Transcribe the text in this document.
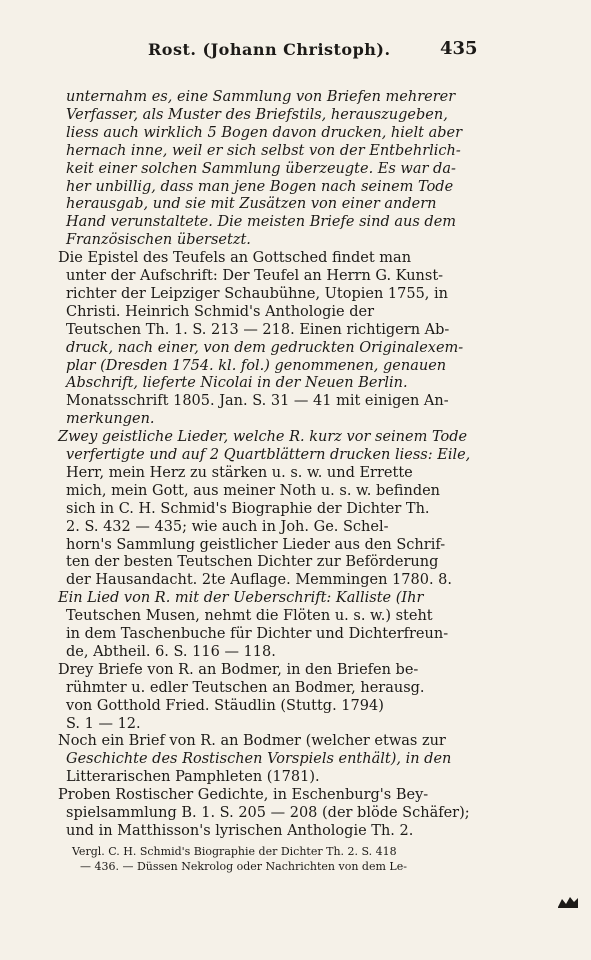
Rost. (Johann Christoph).	435
unternahm es, eine Sammlung von Briefen mehrerer
Verfasser, als Muster des Briefstils, herauszugeben,
liess auch wirklich 5 Bogen davon drucken, hielt aber
hernach inne, weil er sich selbst von der Entbehrlich-
keit einer solchen Sammlung überzeugte. Es war da-
her unbillig, dass man jene Bogen nach seinem Tode
herausgab, und sie mit Zusätzen von einer andern
Hand verunstaltete. Die meisten Briefe sind aus dem
Französischen übersetzt.
Die Epistel des Teufels an Gottsched findet man
unter der Aufschrift: Der Teufel an Herrn G. Kunst-
richter der Leipziger Schaubühne, Utopien 1755, in
Christi. Heinrich Schmid's Anthologie der
Teutschen Th. 1. S. 213 — 218. Einen richtigern Ab-
druck, nach einer, von dem gedruckten Originalexem-
plar (Dresden 1754. kl. fol.) genommenen, genauen
Abschrift, lieferte Nicolai in der Neuen Berlin.
Monatsschrift 1805. Jan. S. 31 — 41 mit einigen An-
merkungen.
Zwey geistliche Lieder, welche R. kurz vor seinem Tode
verfertigte und auf 2 Quartblättern drucken liess: Eile,
Herr, mein Herz zu stärken u. s. w. und Errette
mich, mein Gott, aus meiner Noth u. s. w. befinden
sich in C. H. Schmid's Biographie der Dichter Th.
2. S. 432 — 435; wie auch in Joh. Ge. Schel-
horn's Sammlung geistlicher Lieder aus den Schrif-
ten der besten Teutschen Dichter zur Beförderung
der Hausandacht. 2te Auflage. Memmingen 1780. 8.
Ein Lied von R. mit der Ueberschrift: Kalliste (Ihr
Teutschen Musen, nehmt die Flöten u. s. w.) steht
in dem Taschenbuche für Dichter und Dichterfreun-
de, Abtheil. 6. S. 116 — 118.
Drey Briefe von R. an Bodmer, in den Briefen be-
rühmter u. edler Teutschen an Bodmer, herausg.
von Gotthold Fried. Stäudlin (Stuttg. 1794)
S. 1 — 12.
Noch ein Brief von R. an Bodmer (welcher etwas zur
Geschichte des Rostischen Vorspiels enthält), in den
Litterarischen Pamphleten (1781).
Proben Rostischer Gedichte, in Eschenburg's Bey-
spielsammlung B. 1. S. 205 — 208 (der blöde Schäfer);
und in Matthisson's lyrischen Anthologie Th. 2.
Vergl. C. H. Schmid's Biographie der Dichter Th. 2. S. 418
— 436. — Düssen Nekrolog oder Nachrichten von dem Le-
